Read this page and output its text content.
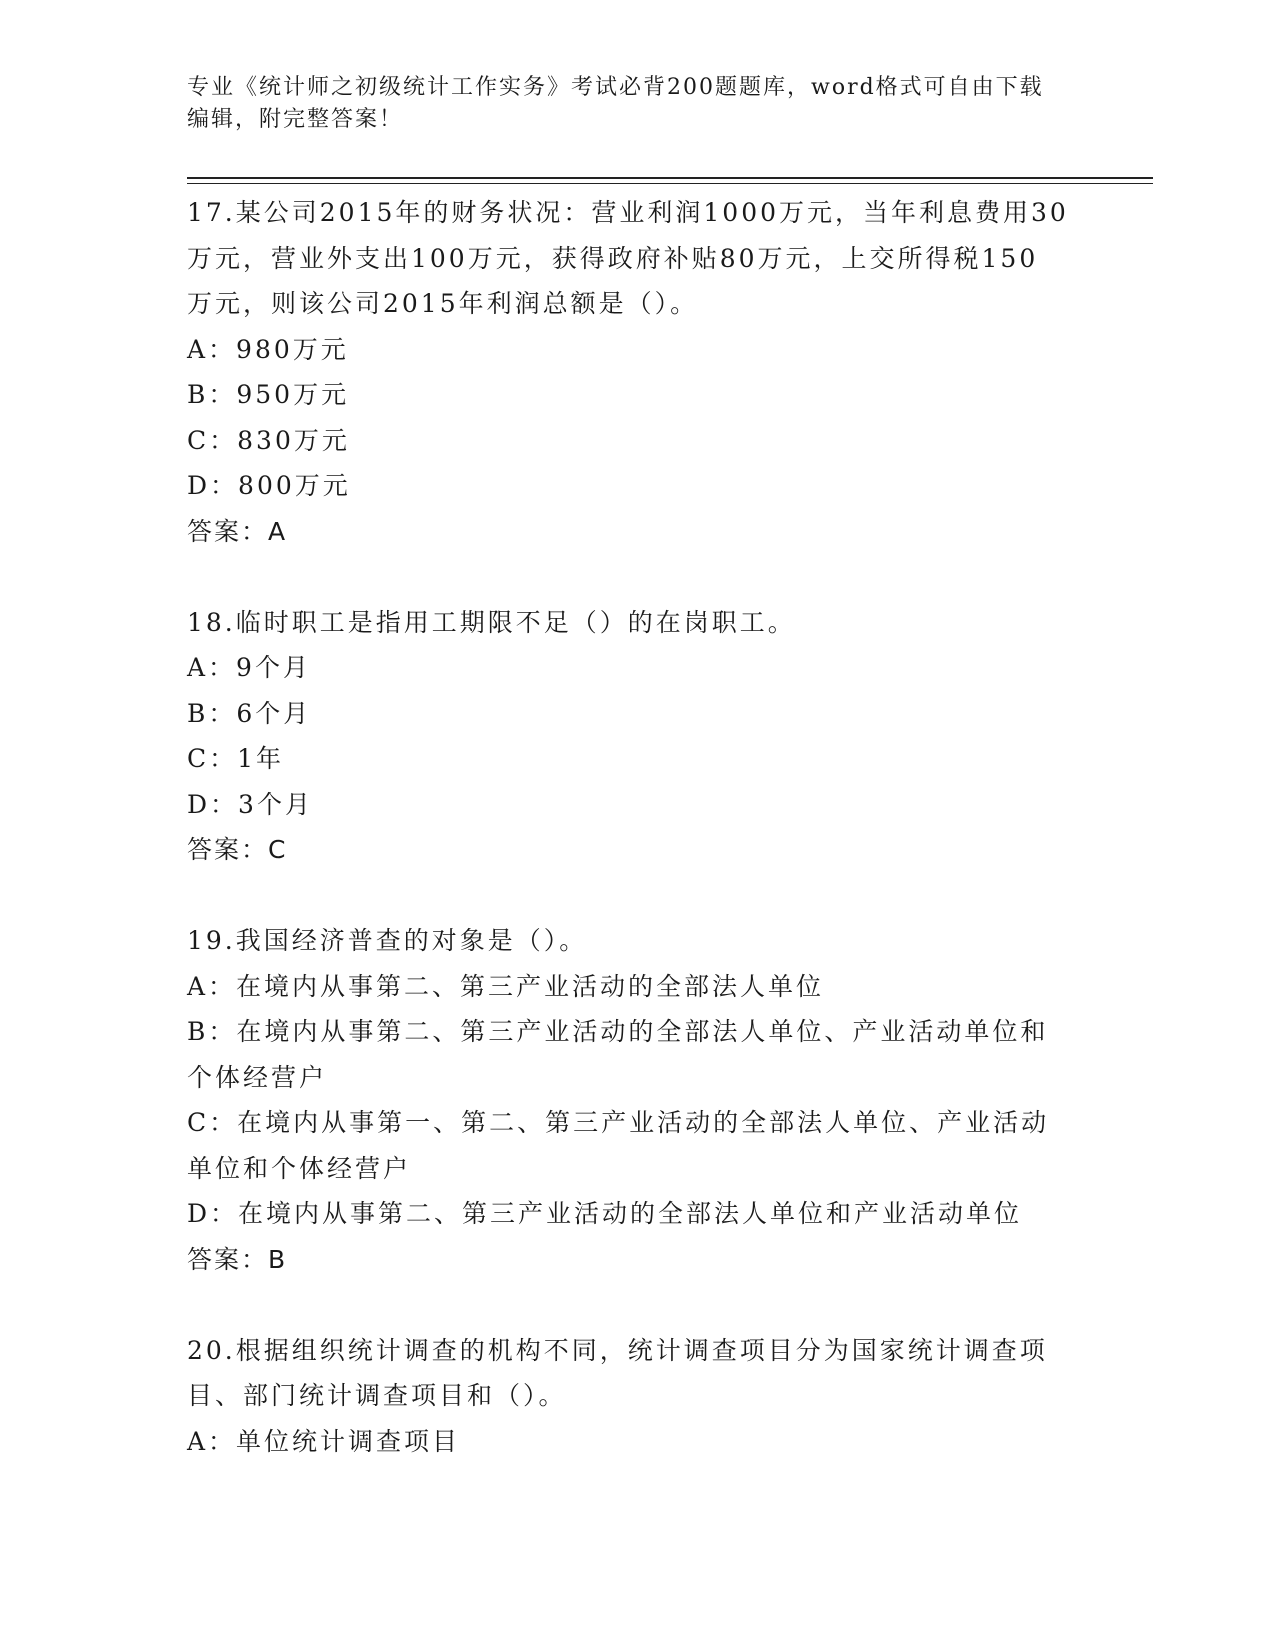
专业《统计师之初级统计工作实务》考试必背200题题库，word格式可自由下载
编辑，附完整答案！
17.某公司2015年的财务状况：营业利润1000万元，当年利息费用30
万元，营业外支出100万元，获得政府补贴80万元，上交所得税150
万元，则该公司2015年利润总额是（）。
A：980万元
B：950万元
C：830万元
D：800万元
答案：A
18.临时职工是指用工期限不足（）的在岗职工。
A：9个月
B：6个月
C：1年
D：3个月
答案：C
19.我国经济普查的对象是（）。
A：在境内从事第二、第三产业活动的全部法人单位
B：在境内从事第二、第三产业活动的全部法人单位、产业活动单位和
个体经营户
C：在境内从事第一、第二、第三产业活动的全部法人单位、产业活动
单位和个体经营户
D：在境内从事第二、第三产业活动的全部法人单位和产业活动单位
答案：B
20.根据组织统计调查的机构不同，统计调查项目分为国家统计调查项
目、部门统计调查项目和（）。
A：单位统计调查项目
